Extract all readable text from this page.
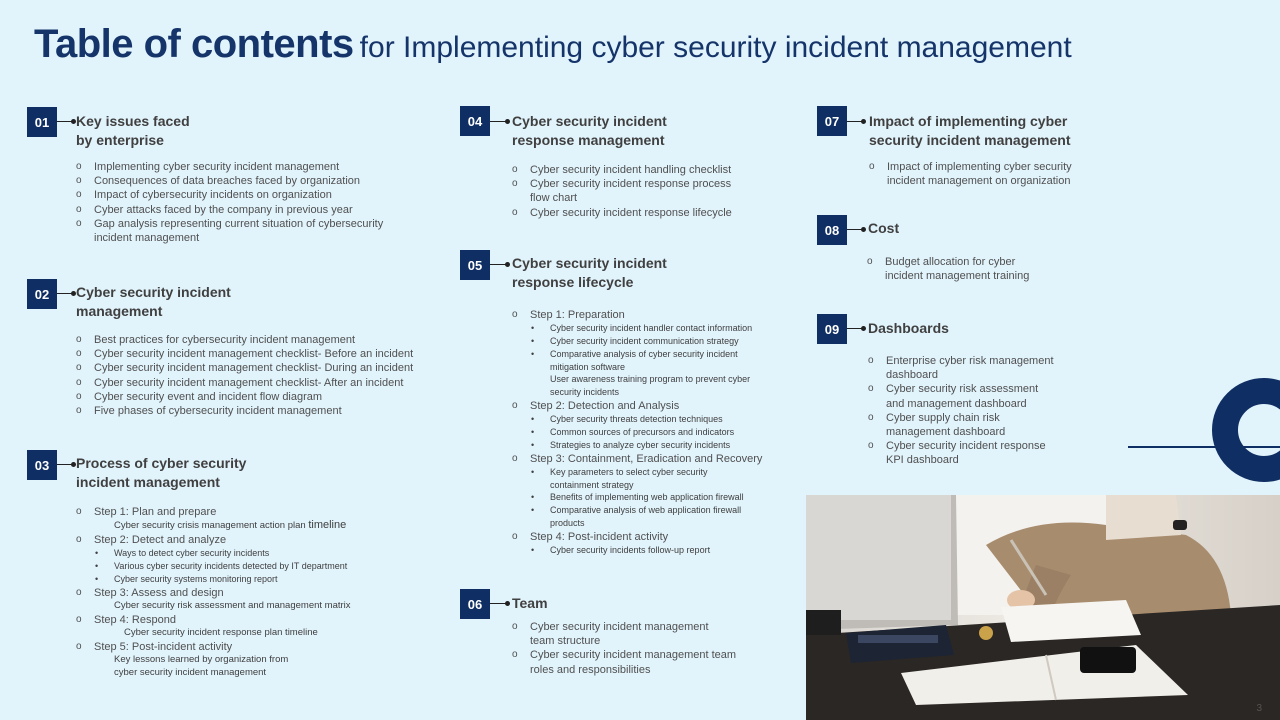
Table of contents for Implementing cyber security incident management
01	Key issues faced
by enterprise
o Implementing cyber security incident management
o Consequences of data breaches faced by organization
o Impact of cybersecurity incidents on organization
o Cyber attacks faced by the company in previous year
o Gap analysis representing current situation of cybersecurity
incident management
02	Cyber security incident
management
o Best practices for cybersecurity incident management
o Cyber security incident management checklist- Before an incident
o Cyber security incident management checklist- During an incident
o Cyber security incident management checklist- After an incident
o Cyber security event and incident flow diagram
o Five phases of cybersecurity incident management
03	Process of cyber security
incident management
o Step 1: Plan and prepare
Cyber security crisis management action plan timeline
o Step 2: Detect and analyze
• Ways to detect cyber security incidents
• Various cyber security incidents detected by IT department
• Cyber security systems monitoring report
o Step 3: Assess and design
Cyber security risk assessment and management matrix
o Step 4: Respond
Cyber security incident response plan timeline
o Step 5: Post-incident activity
Key lessons learned by organization from
cyber security incident management
04	Cyber security incident
response management
o Cyber security incident handling checklist
o Cyber security incident response process
flow chart
o Cyber security incident response lifecycle
05	Cyber security incident
response lifecycle
o Step 1: Preparation
• Cyber security incident handler contact information
• Cyber security incident communication strategy
• Comparative analysis of cyber security incident
mitigation software
User awareness training program to prevent cyber
security incidents
o Step 2: Detection and Analysis
• Cyber security threats detection techniques
• Common sources of precursors and indicators
• Strategies to analyze cyber security incidents
o Step 3: Containment, Eradication and Recovery
• Key parameters to select cyber security
containment strategy
• Benefits of implementing web application firewall
• Comparative analysis of web application firewall
products
o Step 4: Post-incident activity
• Cyber security incidents follow-up report
06	Team
o Cyber security incident management
team structure
o Cyber security incident management team
roles and responsibilities
07	Impact of implementing cyber
security incident management
o Impact of implementing cyber security
incident management on organization
08	Cost
o Budget allocation for cyber
incident management training
09	Dashboards
o Enterprise cyber risk management
dashboard
o Cyber security risk assessment
and management dashboard
o Cyber supply chain risk
management dashboard
o Cyber security incident response
KPI dashboard
3
